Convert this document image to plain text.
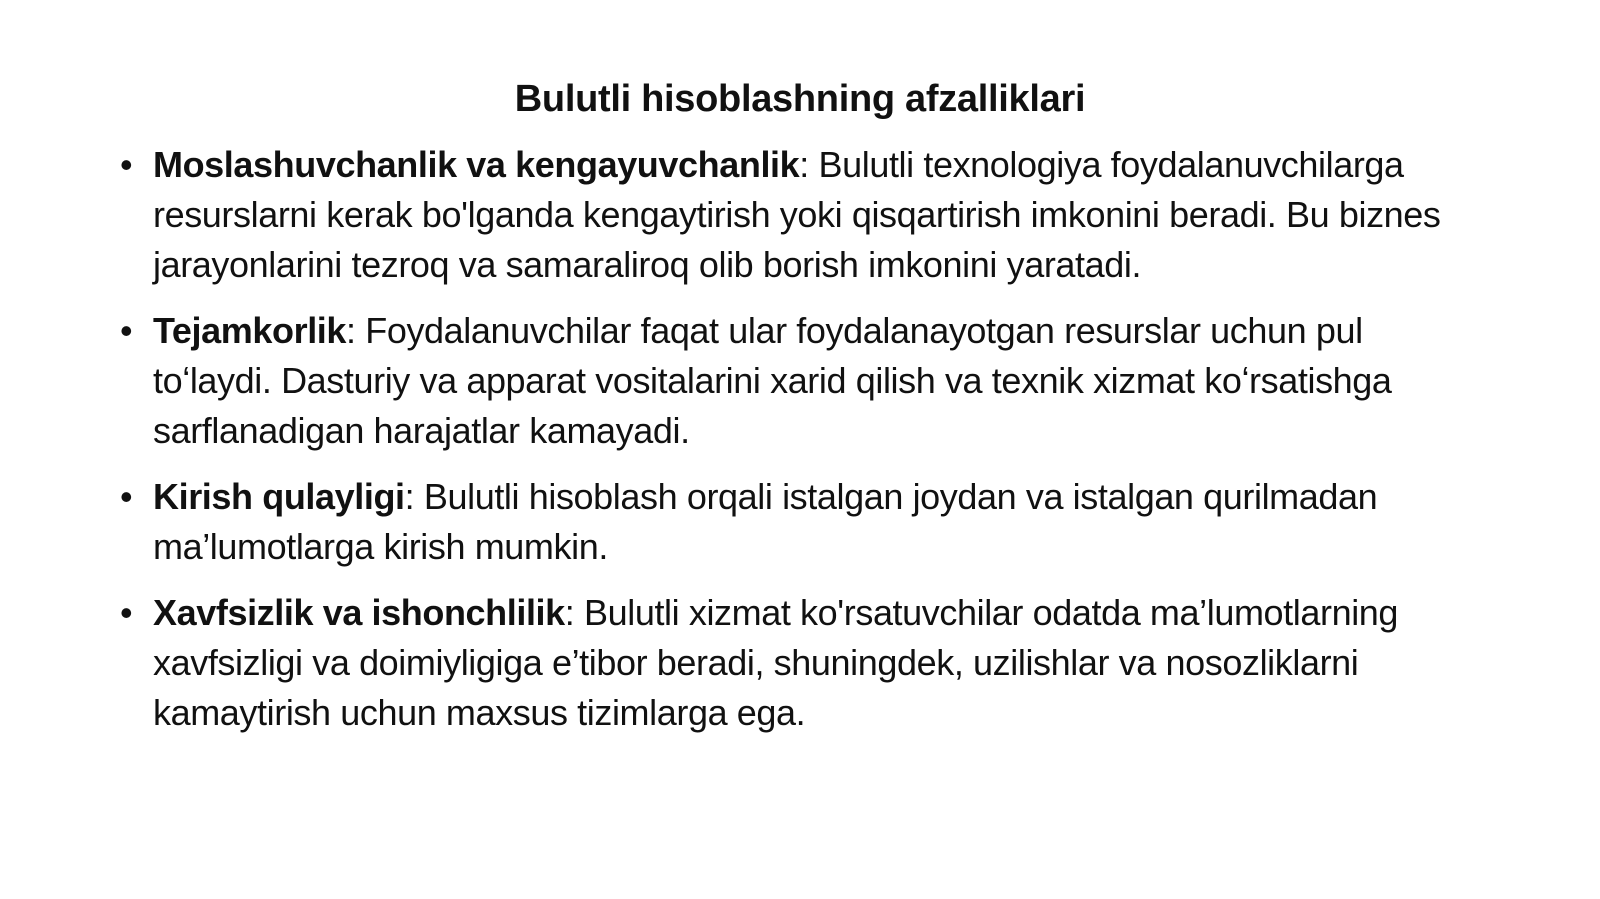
Bulutli hisoblashning afzalliklari
• Moslashuvchanlik va kengayuvchanlik: Bulutli texnologiya foydalanuvchilarga resurslarni kerak bo'lganda kengaytirish yoki qisqartirish imkonini beradi. Bu biznes jarayonlarini tezroq va samaraliroq olib borish imkonini yaratadi.
• Tejamkorlik: Foydalanuvchilar faqat ular foydalanayotgan resurslar uchun pul toʻlaydi. Dasturiy va apparat vositalarini xarid qilish va texnik xizmat koʻrsatishga sarflanadigan harajatlar kamayadi.
• Kirish qulayligi: Bulutli hisoblash orqali istalgan joydan va istalgan qurilmadan ma’lumotlarga kirish mumkin.
• Xavfsizlik va ishonchlilik: Bulutli xizmat ko'rsatuvchilar odatda ma’lumotlarning xavfsizligi va doimiyligiga e’tibor beradi, shuningdek, uzilishlar va nosozliklarni kamaytirish uchun maxsus tizimlarga ega.
